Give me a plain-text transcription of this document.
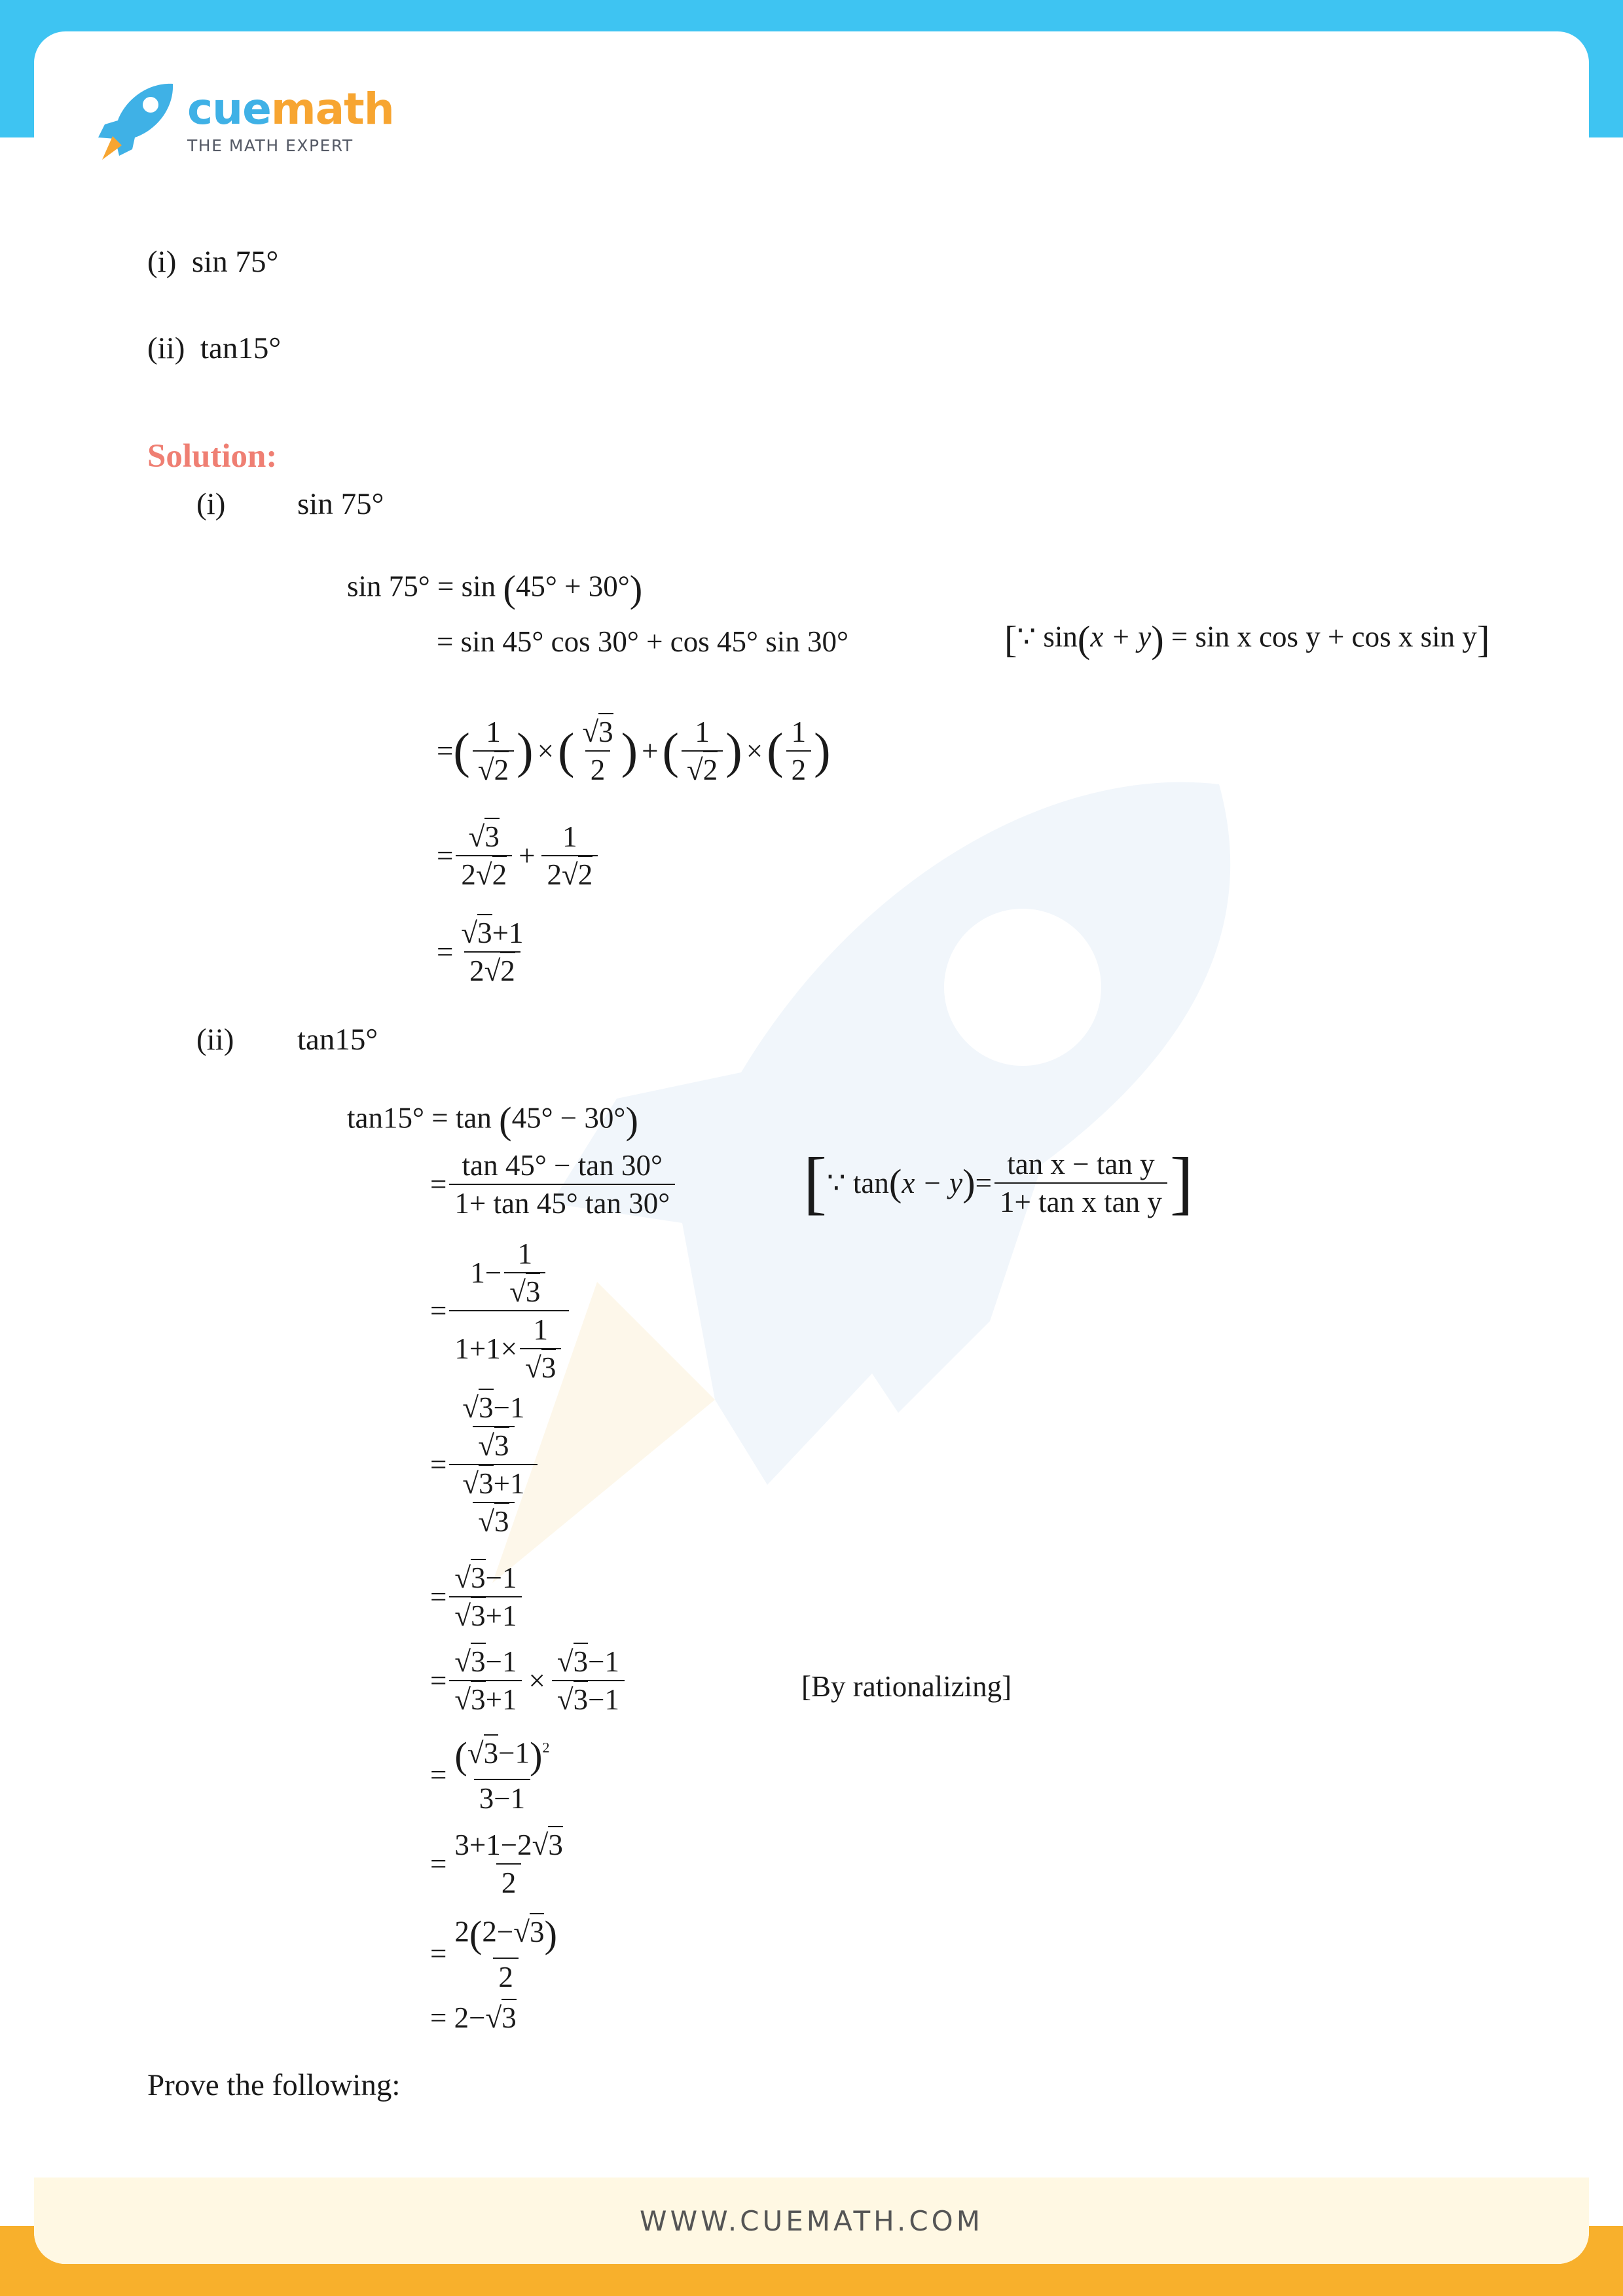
cuemath
THE MATH EXPERT
(i) sin 75°
(ii) tan15°
Solution:
(i) sin 75°
sin 75° = sin (45° + 30°)
= sin 45° cos 30° + cos 45° sin 30°	[∵ sin(x + y) = sin x cos y + cos x sin y]
= ( $\frac{1}{√2}$ ) × ( $\frac{√3}{2}$ ) + ( $\frac{1}{√2}$ ) × ( $\frac{1}{2}$ )
= $\frac{√3}{2√2} + \frac{1}{2√2}$
= $\frac{√3+1}{2√2}$
(ii) tan15°
tan15° = tan (45° − 30°)
= $\frac{\tan 45^\circ - \tan 30^\circ}{1+ \tan 45^\circ \tan 30^\circ}$ [ ∵
tan ( x − y ) = $\frac{\text{tan x − tan y}}{\text{1+ tan x tan y}}$ ]
= $\frac{1- \frac{1}{√3}}{1+1\times \frac{1}{√3}}$
= $\frac{\frac{√3-1}{√3}}{\frac{√3+1}{√3}}$
= $\frac{√3-1}{√3+1}$
= $\frac{√3-1}{√3+1} \times \frac{√3-1}{√3-1}$	[By rationalizing]
= $\frac{(√3-1)^2}{3-1}$
= $\frac{3+1-2√3}{2}$
= $\frac{2(2-√3)}{2}$
= 2−√3
Prove the following:
WWW.CUEMATH.COM
